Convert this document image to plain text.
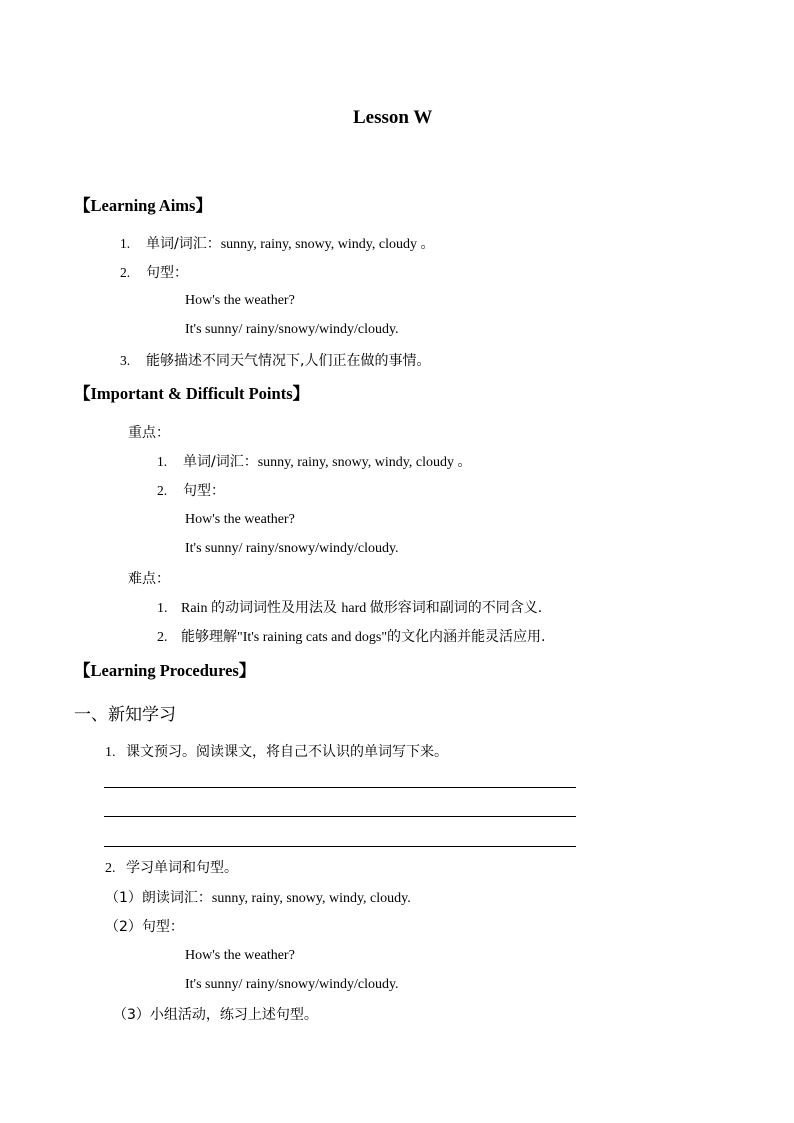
Lesson W
【Learning Aims】
1. 单词/词汇：sunny, rainy, snowy, windy, cloudy 。
2. 句型：
How's the weather?
It's sunny/ rainy/snowy/windy/cloudy.
3. 能够描述不同天气情况下,人们正在做的事情。
【Important & Difficult Points】
重点：
1. 单词/词汇：sunny, rainy, snowy, windy, cloudy 。
2. 句型：
How's the weather?
It's sunny/ rainy/snowy/windy/cloudy.
难点：
1. Rain 的动词词性及用法及 hard 做形容词和副词的不同含义.
2. 能够理解"It's raining cats and dogs"的文化内涵并能灵活应用.
【Learning Procedures】
一、新知学习
1. 课文预习。阅读课文，将自己不认识的单词写下来。
2. 学习单词和句型。
（1）朗读词汇：sunny, rainy, snowy, windy, cloudy.
（2）句型：
How's the weather?
It's sunny/ rainy/snowy/windy/cloudy.
（3）小组活动，练习上述句型。
